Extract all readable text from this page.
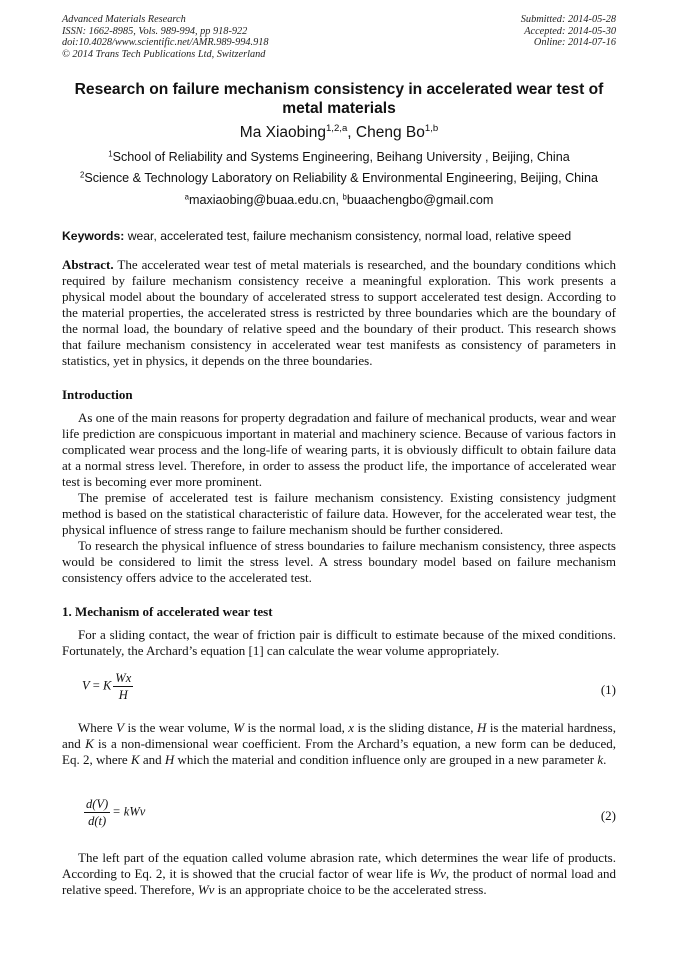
Advanced Materials Research
ISSN: 1662-8985, Vols. 989-994, pp 918-922
doi:10.4028/www.scientific.net/AMR.989-994.918
© 2014 Trans Tech Publications Ltd, Switzerland
Submitted: 2014-05-28
Accepted: 2014-05-30
Online: 2014-07-16
Research on failure mechanism consistency in accelerated wear test of metal materials
Ma Xiaobing$^{1,2,a}$, Cheng Bo$^{1,b}$
$^1$School of Reliability and Systems Engineering, Beihang University , Beijing, China
$^2$Science & Technology Laboratory on Reliability & Environmental Engineering, Beijing, China
$^a$maxiaobing@buaa.edu.cn, $^b$buaachengbo@gmail.com
Keywords: wear, accelerated test, failure mechanism consistency, normal load, relative speed
Abstract. The accelerated wear test of metal materials is researched, and the boundary conditions which required by failure mechanism consistency receive a meaningful exploration. This work presents a physical model about the boundary of accelerated stress to support accelerated test design. According to the material properties, the accelerated stress is restricted by three boundaries which are the boundary of the normal load, the boundary of relative speed and the boundary of their product. This research shows that failure mechanism consistency in accelerated wear test manifests as consistency of parameters in statistics, yet in physics, it depends on the three boundaries.
Introduction
As one of the main reasons for property degradation and failure of mechanical products, wear and wear life prediction are conspicuous important in material and machinery science. Because of various factors in complicated wear process and the long-life of wearing parts, it is obviously difficult to obtain failure data at a normal stress level. Therefore, in order to assess the product life, the importance of accelerated wear test is becoming ever more prominent.
The premise of accelerated test is failure mechanism consistency. Existing consistency judgment method is based on the statistical characteristic of failure data. However, for the accelerated wear test, the physical influence of stress range to failure mechanism should be further considered.
To research the physical influence of stress boundaries to failure mechanism consistency, three aspects would be considered to limit the stress level. A stress boundary model based on failure mechanism consistency offers advice to the accelerated test.
1. Mechanism of accelerated wear test
For a sliding contact, the wear of friction pair is difficult to estimate because of the mixed conditions. Fortunately, the Archard’s equation [1] can calculate the wear volume appropriately.
V = K $\frac{Wx}{H}$	(1)
Where V is the wear volume, W is the normal load, x is the sliding distance, H is the material hardness, and K is a non-dimensional wear coefficient. From the Archard’s equation, a new form can be deduced, Eq. 2, where K and H which the material and condition influence only are grouped in a new parameter k.
$\frac{d(V)}{d(t)}$ = kWv	(2)
The left part of the equation called volume abrasion rate, which determines the wear life of products. According to Eq. 2, it is showed that the crucial factor of wear life is Wv, the product of normal load and relative speed. Therefore, Wv is an appropriate choice to be the accelerated stress.
